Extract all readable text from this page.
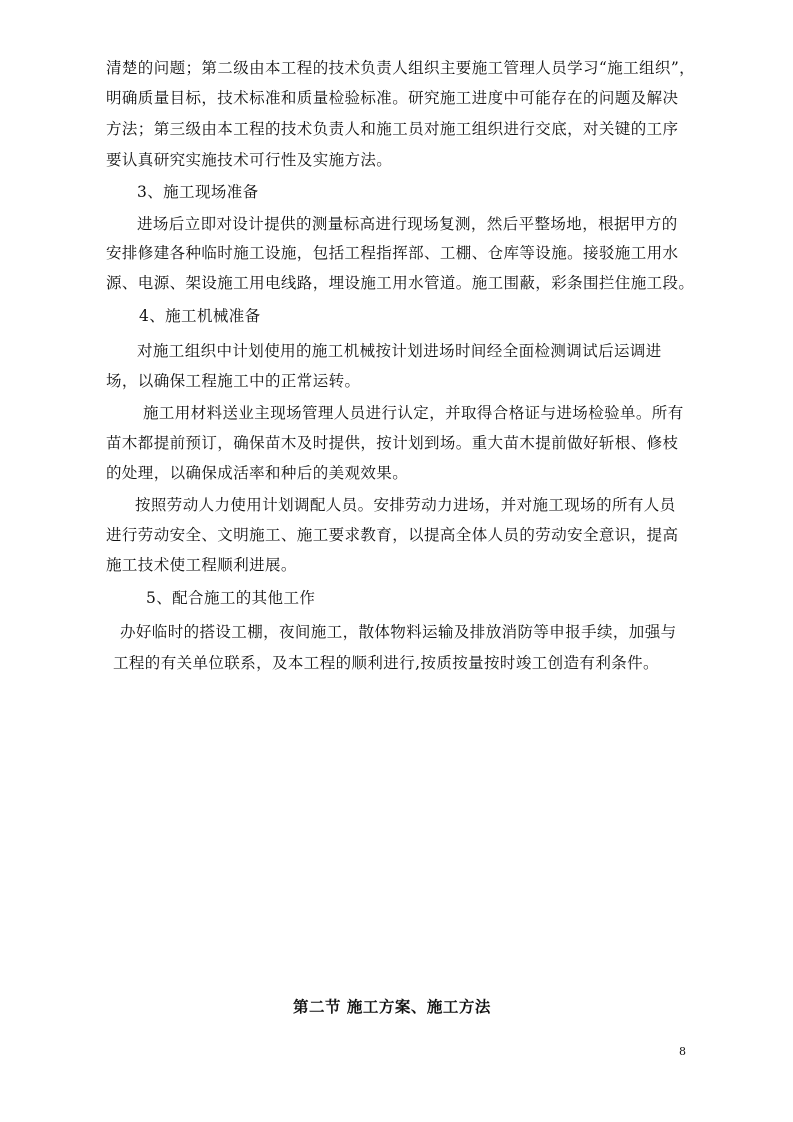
清楚的问题；第二级由本工程的技术负责人组织主要施工管理人员学习“施工组织”，
明确质量目标，技术标准和质量检验标准。研究施工进度中可能存在的问题及解决
方法；第三级由本工程的技术负责人和施工员对施工组织进行交底，对关键的工序
要认真研究实施技术可行性及实施方法。
3、施工现场准备
进场后立即对设计提供的测量标高进行现场复测，然后平整场地，根据甲方的
安排修建各种临时施工设施，包括工程指挥部、工棚、仓库等设施。接驳施工用水
源、电源、架设施工用电线路，埋设施工用水管道。施工围蔽，彩条围拦住施工段。
4、施工机械准备
对施工组织中计划使用的施工机械按计划进场时间经全面检测调试后运调进
场，以确保工程施工中的正常运转。
施工用材料送业主现场管理人员进行认定，并取得合格证与进场检验单。所有
苗木都提前预订，确保苗木及时提供，按计划到场。重大苗木提前做好斩根、修枝
的处理，以确保成活率和种后的美观效果。
按照劳动人力使用计划调配人员。安排劳动力进场，并对施工现场的所有人员
进行劳动安全、文明施工、施工要求教育，以提高全体人员的劳动安全意识，提高
施工技术使工程顺利进展。
5、配合施工的其他工作
办好临时的搭设工棚，夜间施工，散体物料运输及排放消防等申报手续，加强与
工程的有关单位联系，及本工程的顺利进行,按质按量按时竣工创造有利条件。
第二节 施工方案、施工方法
8
